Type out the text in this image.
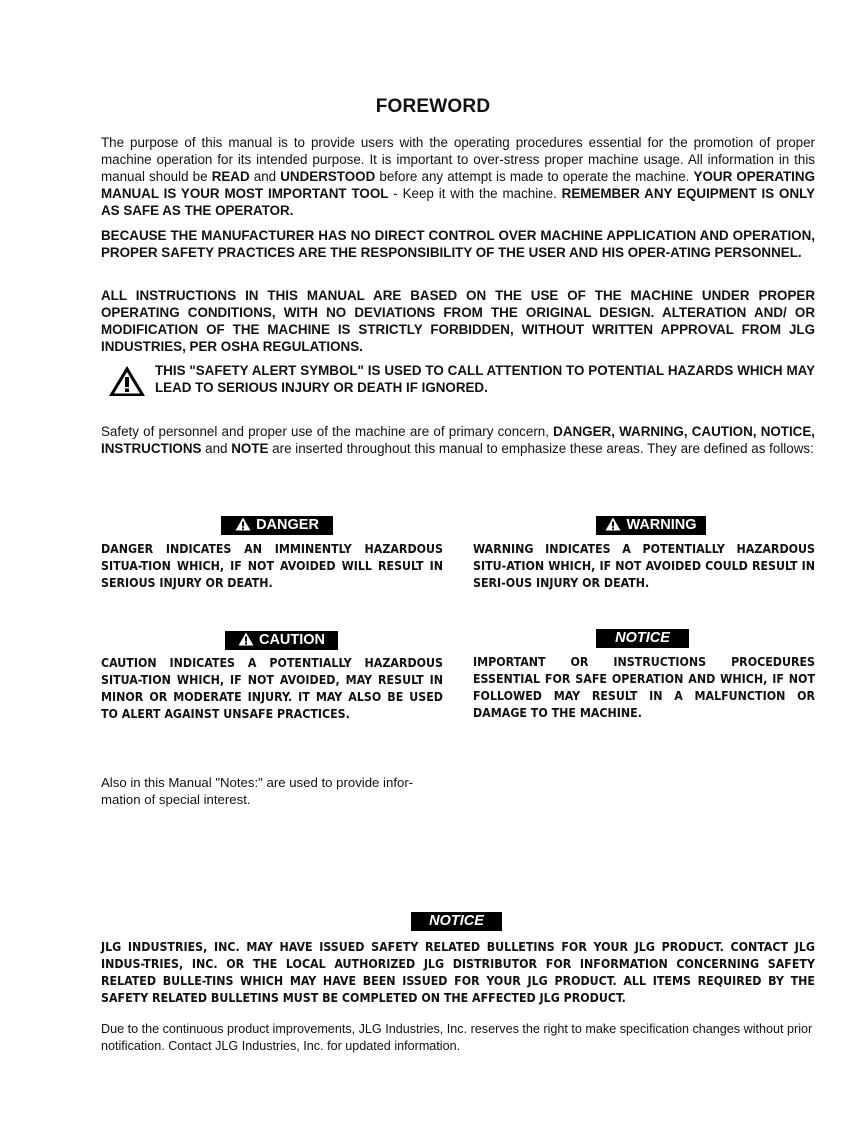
FOREWORD

The purpose of this manual is to provide users with the operating procedures essential for the promotion of proper machine operation for its intended purpose. It is important to over-stress proper machine usage. All information in this manual should be READ and UNDERSTOOD before any attempt is made to operate the machine. YOUR OPERATING MANUAL IS YOUR MOST IMPORTANT TOOL - Keep it with the machine. REMEMBER ANY EQUIPMENT IS ONLY AS SAFE AS THE OPERATOR.

BECAUSE THE MANUFACTURER HAS NO DIRECT CONTROL OVER MACHINE APPLICATION AND OPERATION, PROPER SAFETY PRACTICES ARE THE RESPONSIBILITY OF THE USER AND HIS OPER-ATING PERSONNEL.

ALL INSTRUCTIONS IN THIS MANUAL ARE BASED ON THE USE OF THE MACHINE UNDER PROPER OPERATING CONDITIONS, WITH NO DEVIATIONS FROM THE ORIGINAL DESIGN. ALTERATION AND/ OR MODIFICATION OF THE MACHINE IS STRICTLY FORBIDDEN, WITHOUT WRITTEN APPROVAL FROM JLG INDUSTRIES, PER OSHA REGULATIONS.

THIS "SAFETY ALERT SYMBOL" IS USED TO CALL ATTENTION TO POTENTIAL HAZARDS WHICH MAY LEAD TO SERIOUS INJURY OR DEATH IF IGNORED.

Safety of personnel and proper use of the machine are of primary concern, DANGER, WARNING, CAUTION, NOTICE, INSTRUCTIONS and NOTE are inserted throughout this manual to emphasize these areas. They are defined as follows:

DANGER

DANGER INDICATES AN IMMINENTLY HAZARDOUS SITUA-TION WHICH, IF NOT AVOIDED WILL RESULT IN SERIOUS INJURY OR DEATH.

WARNING

WARNING INDICATES A POTENTIALLY HAZARDOUS SITU-ATION WHICH, IF NOT AVOIDED COULD RESULT IN SERI-OUS INJURY OR DEATH.

CAUTION

CAUTION INDICATES A POTENTIALLY HAZARDOUS SITUA-TION WHICH, IF NOT AVOIDED, MAY RESULT IN MINOR OR MODERATE INJURY. IT MAY ALSO BE USED TO ALERT AGAINST UNSAFE PRACTICES.

NOTICE

IMPORTANT OR INSTRUCTIONS PROCEDURES ESSENTIAL FOR SAFE OPERATION AND WHICH, IF NOT FOLLOWED MAY RESULT IN A MALFUNCTION OR DAMAGE TO THE MACHINE.

Also in this Manual "Notes:" are used to provide infor-mation of special interest.

NOTICE

JLG INDUSTRIES, INC. MAY HAVE ISSUED SAFETY RELATED BULLETINS FOR YOUR JLG PRODUCT. CONTACT JLG INDUS-TRIES, INC. OR THE LOCAL AUTHORIZED JLG DISTRIBUTOR FOR INFORMATION CONCERNING SAFETY RELATED BULLE-TINS WHICH MAY HAVE BEEN ISSUED FOR YOUR JLG PRODUCT. ALL ITEMS REQUIRED BY THE SAFETY RELATED BULLETINS MUST BE COMPLETED ON THE AFFECTED JLG PRODUCT.

Due to the continuous product improvements, JLG Industries, Inc. reserves the right to make specification changes without prior notification. Contact JLG Industries, Inc. for updated information.
